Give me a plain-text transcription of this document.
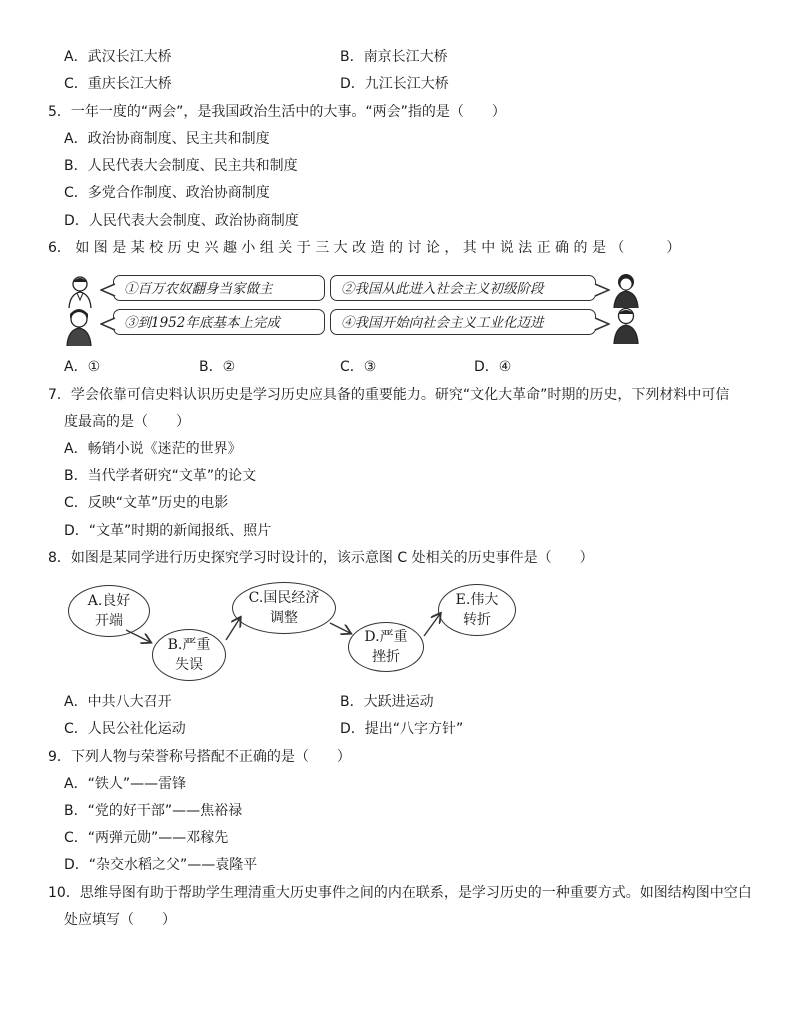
A．武汉长江大桥	B．南京长江大桥
C．重庆长江大桥	D．九江长江大桥
5．一年一度的“两会”，是我国政治生活中的大事。“两会”指的是（　　）
A．政治协商制度、民主共和制度
B．人民代表大会制度、民主共和制度
C．多党合作制度、政治协商制度
D．人民代表大会制度、政治协商制度
6． 如 图 是 某 校 历 史 兴 趣 小 组 关 于 三 大 改 造 的 讨 论 ， 其 中 说 法 正 确 的 是 （　　　）
①百万农奴翻身当家做主	②我国从此进入社会主义初级阶段
③到1952年底基本上完成	④我国开始向社会主义工业化迈进
A．①	B．②	C．③	D．④
7．学会依靠可信史料认识历史是学习历史应具备的重要能力。研究“文化大革命”时期的历史，下列材料中可信
度最高的是（　　）
A．畅销小说《迷茫的世界》
B．当代学者研究“文革”的论文
C．反映“文革”历史的电影
D．“文革”时期的新闻报纸、照片
8．如图是某同学进行历史探究学习时设计的，该示意图 C 处相关的历史事件是（　　）
A.良好
开端
B.严重
失误
C.国民经济
调整
D.严重
挫折
E.伟大
转折
A．中共八大召开	B．大跃进运动
C．人民公社化运动	D．提出“八字方针”
9．下列人物与荣誉称号搭配不正确的是（　　）
A．“铁人”——雷锋
B．“党的好干部”——焦裕禄
C．“两弹元勋”——邓稼先
D．“杂交水稻之父”——袁隆平
10．思维导图有助于帮助学生理清重大历史事件之间的内在联系，是学习历史的一种重要方式。如图结构图中空白
处应填写（　　）
